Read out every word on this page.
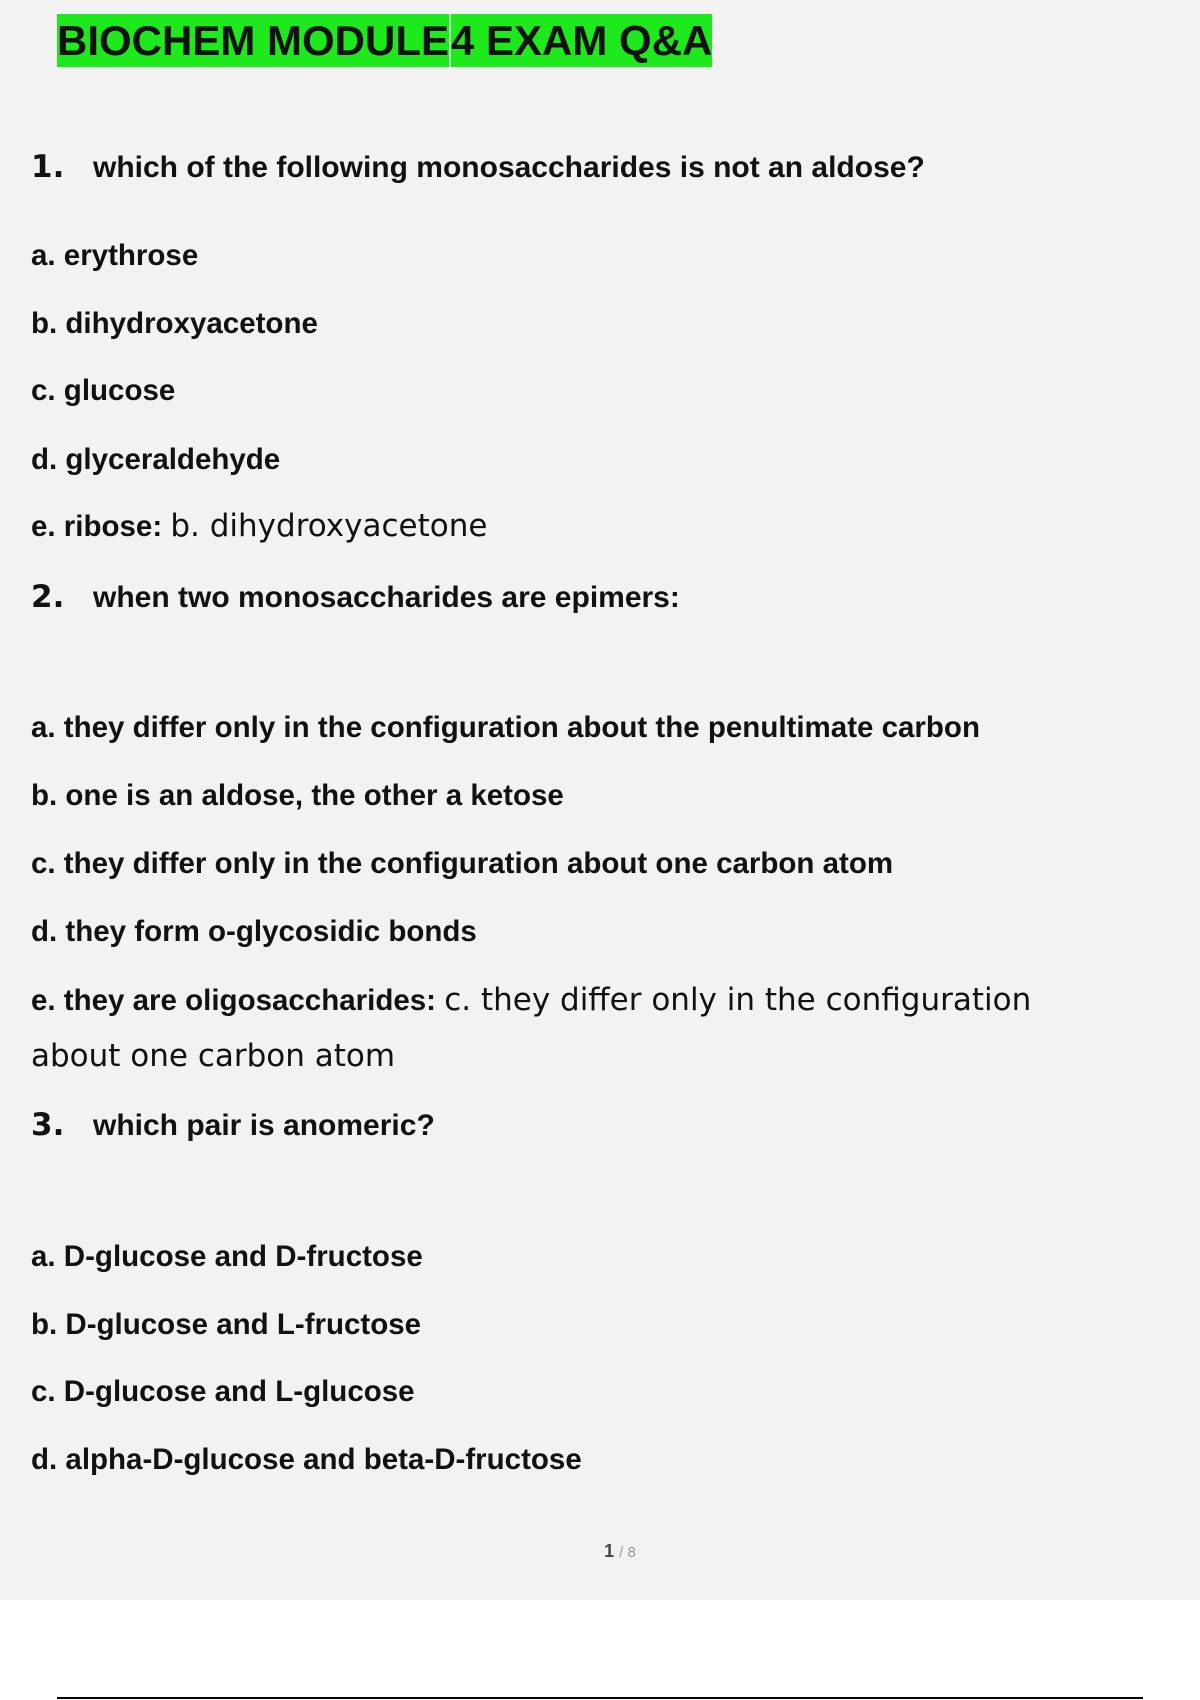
BIOCHEM MODULE 4 EXAM Q&A
1. which of the following monosaccharides is not an aldose?
a. erythrose
b. dihydroxyacetone
c. glucose
d. glyceraldehyde
e. ribose: b. dihydroxyacetone
2. when two monosaccharides are epimers:
a. they differ only in the configuration about the penultimate carbon
b. one is an aldose, the other a ketose
c. they differ only in the configuration about one carbon atom
d. they form o-glycosidic bonds
e. they are oligosaccharides: c. they differ only in the configuration
about one carbon atom
3. which pair is anomeric?
a. D-glucose and D-fructose
b. D-glucose and L-fructose
c. D-glucose and L-glucose
d. alpha-D-glucose and beta-D-fructose
1 / 8
